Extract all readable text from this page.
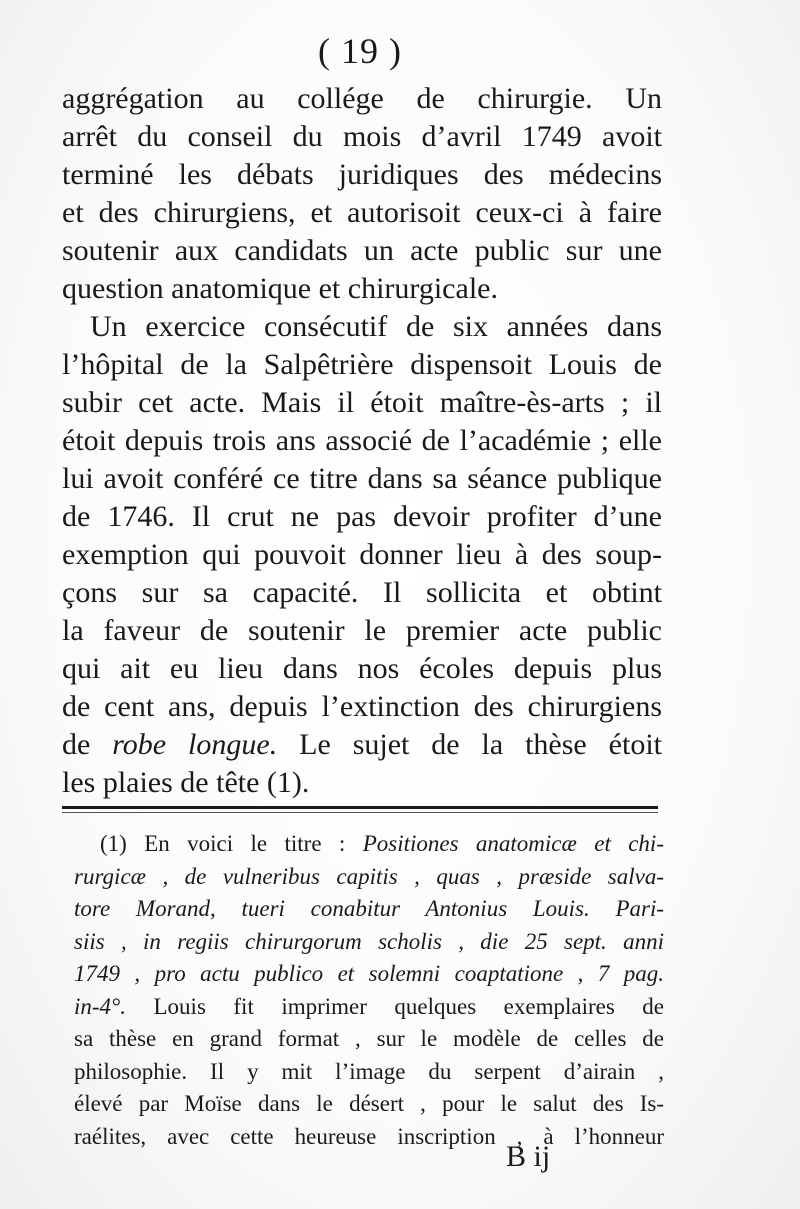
( 19 )
aggrégation au collége de chirurgie. Un
arrêt du conseil du mois d’avril 1749 avoit
terminé les débats juridiques des médecins
et des chirurgiens, et autorisoit ceux-ci à faire
soutenir aux candidats un acte public sur une
question anatomique et chirurgicale.
Un exercice consécutif de six années dans
l’hôpital de la Salpêtrière dispensoit Louis de
subir cet acte. Mais il étoit maître-ès-arts ; il
étoit depuis trois ans associé de l’académie ; elle
lui avoit conféré ce titre dans sa séance publique
de 1746. Il crut ne pas devoir profiter d’une
exemption qui pouvoit donner lieu à des soup-
çons sur sa capacité. Il sollicita et obtint
la faveur de soutenir le premier acte public
qui ait eu lieu dans nos écoles depuis plus
de cent ans, depuis l’extinction des chirurgiens
de robe longue. Le sujet de la thèse étoit
les plaies de tête (1).
(1) En voici le titre : Positiones anatomicæ et chi-
rurgicæ , de vulneribus capitis , quas , præside salva-
tore Morand, tueri conabitur Antonius Louis. Pari-
siis , in regiis chirurgorum scholis , die 25 sept. anni
1749 , pro actu publico et solemni coaptatione , 7 pag.
in-4°. Louis fit imprimer quelques exemplaires de
sa thèse en grand format , sur le modèle de celles de
philosophie. Il y mit l’image du serpent d’airain ,
élevé par Moïse dans le désert , pour le salut des Is-
raélites, avec cette heureuse inscription , à l’honneur
B ij
